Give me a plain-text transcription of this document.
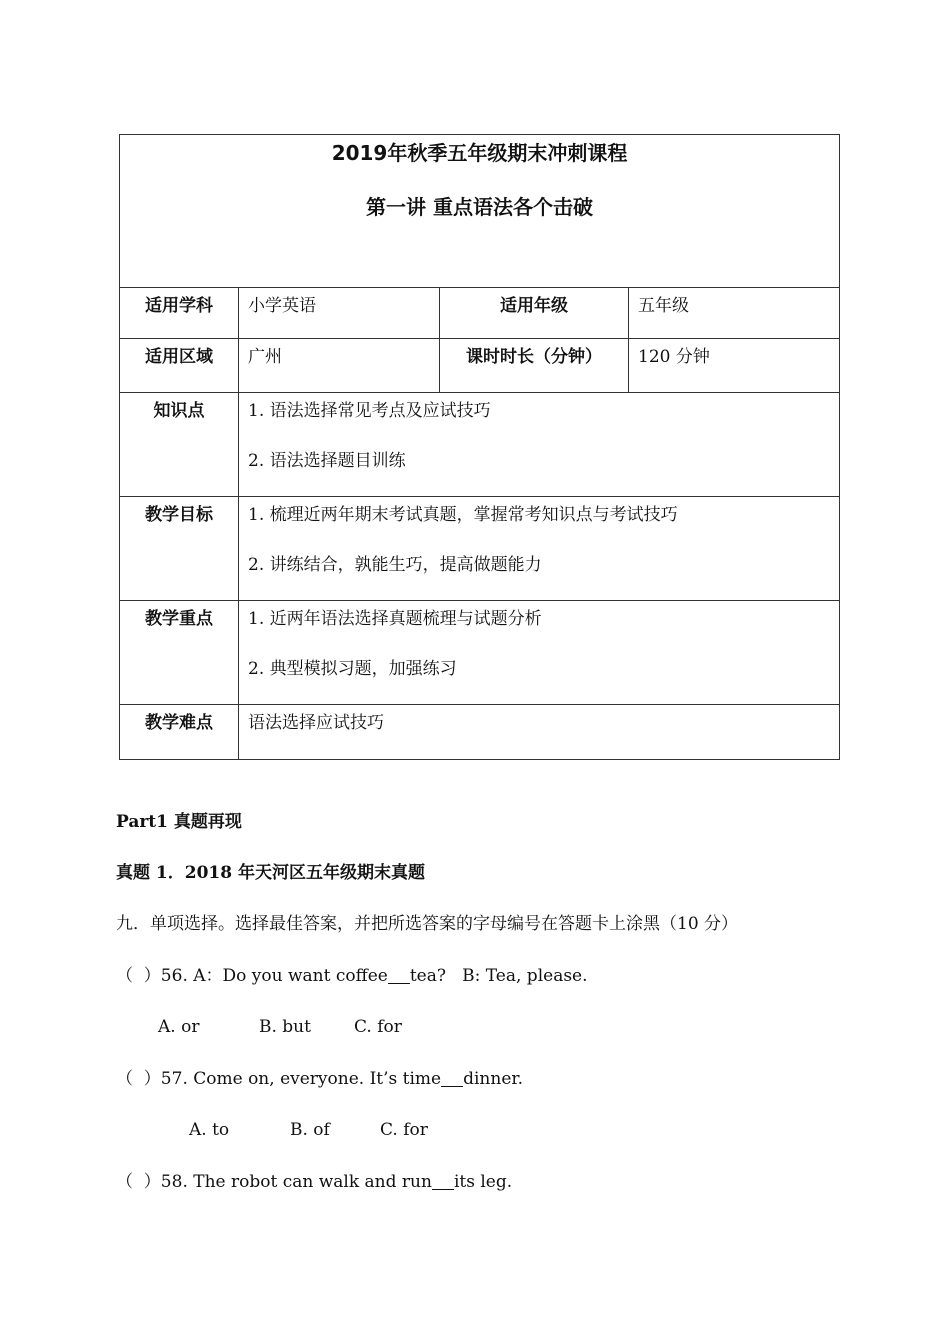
2019年秋季五年级期末冲刺课程
第一讲 重点语法各个击破			

适用学科	小学英语	适用年级	五年级
适用区域	广州	课时时长（分钟）	120 分钟
知识点	1. 语法选择常见考点及应试技巧
2. 语法选择题目训练		

教学目标	1. 梳理近两年期末考试真题，掌握常考知识点与考试技巧
2. 讲练结合，孰能生巧，提高做题能力		

教学重点	1. 近两年语法选择真题梳理与试题分析
2. 典型模拟习题，加强练习		

教学难点	语法选择应试技巧		
Part1 真题再现
真题 1．2018 年天河区五年级期末真题
九．单项选择。选择最佳答案，并把所选答案的字母编号在答题卡上涂黑（10 分）
（  ）56. A：Do you want coffee tea?   B: Tea, please.
A. or	B. but	C. for
（  ）57. Come on, everyone. It’s time dinner.
A. to	B. of	C. for
（  ）58. The robot can walk and run its leg.
